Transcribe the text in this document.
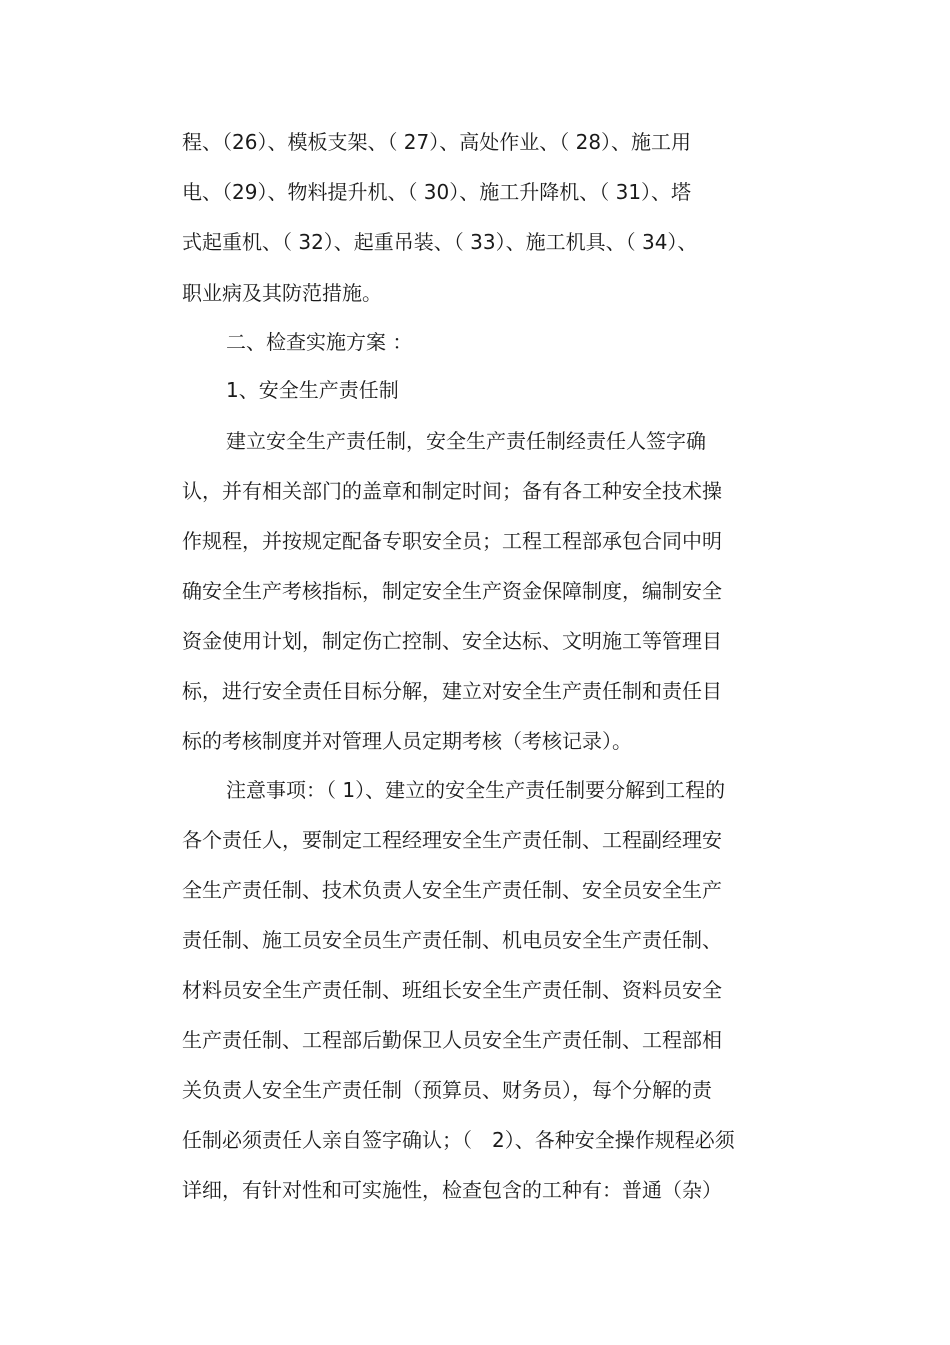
程、（26）、模板支架、（ 27）、高处作业、（ 28）、施工用
电、（29）、物料提升机、（ 30）、施工升降机、（ 31）、塔
式起重机、（ 32）、起重吊装、（ 33）、施工机具、（ 34）、
职业病及其防范措施。
二、检查实施方案 ：
1、安全生产责任制
建立安全生产责任制，安全生产责任制经责任人签字确
认，并有相关部门的盖章和制定时间；备有各工种安全技术操
作规程，并按规定配备专职安全员；工程工程部承包合同中明
确安全生产考核指标，制定安全生产资金保障制度，编制安全
资金使用计划，制定伤亡控制、安全达标、文明施工等管理目
标，进行安全责任目标分解，建立对安全生产责任制和责任目
标的考核制度并对管理人员定期考核（考核记录）。
注意事项：（ 1）、建立的安全生产责任制要分解到工程的
各个责任人，要制定工程经理安全生产责任制、工程副经理安
全生产责任制、技术负责人安全生产责任制、安全员安全生产
责任制、施工员安全员生产责任制、机电员安全生产责任制、
材料员安全生产责任制、班组长安全生产责任制、资料员安全
生产责任制、工程部后勤保卫人员安全生产责任制、工程部相
关负责人安全生产责任制（预算员、财务员），每个分解的责
任制必须责任人亲自签字确认；（　2）、各种安全操作规程必须
详细，有针对性和可实施性，检查包含的工种有：普通（杂）
